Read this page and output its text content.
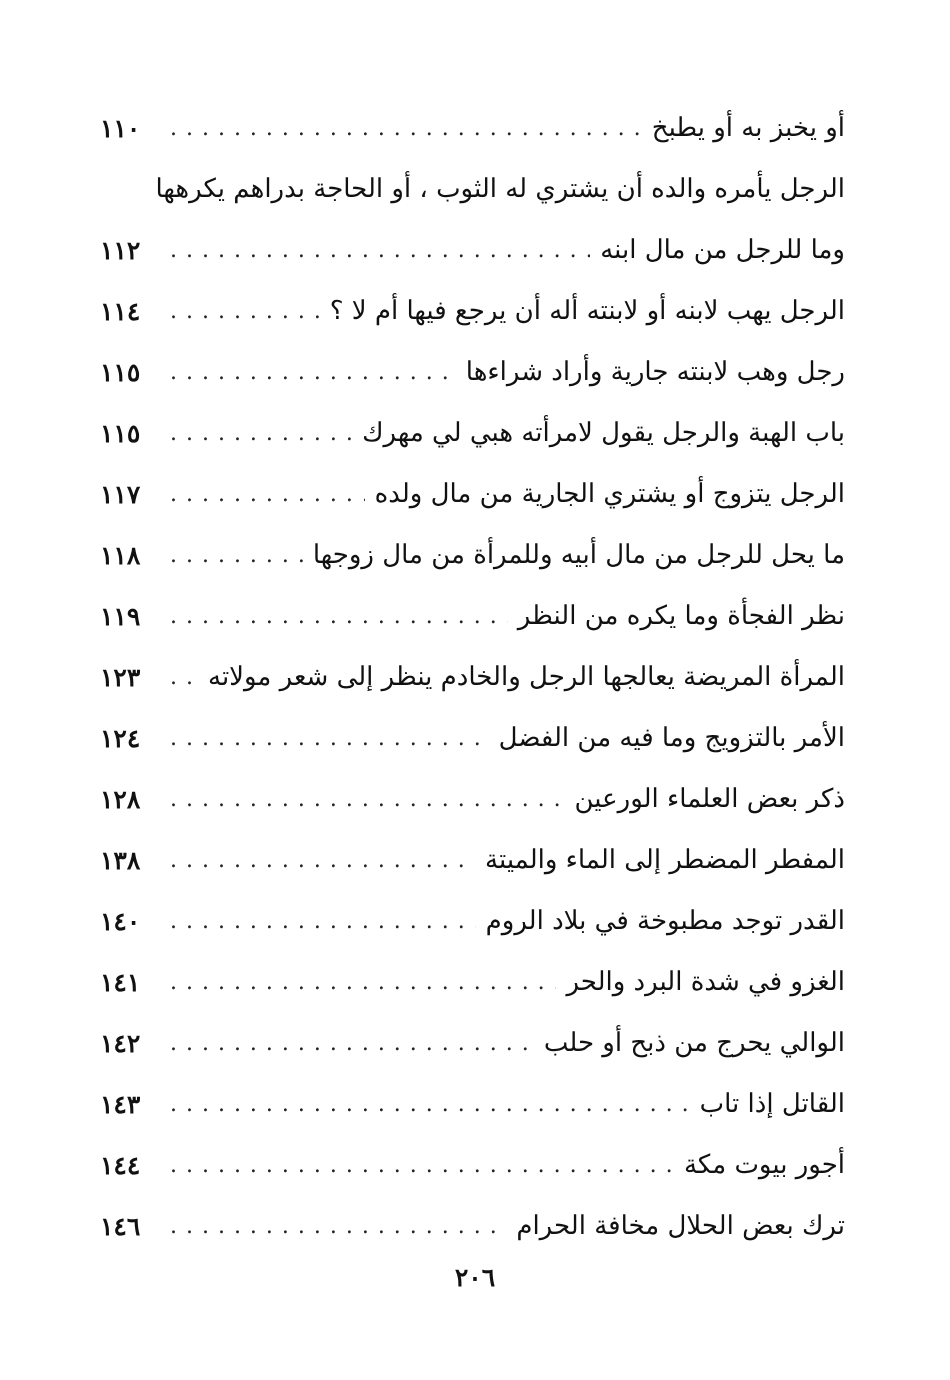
أو يخبز به أو يطبخ
. . .
١١٠
الرجل يأمره والده أن يشتري له الثوب ، أو الحاجة بدراهم يكرهها
وما للرجل من مال ابنه
. . .
١١٢
الرجل يهب لابنه أو لابنته أله أن يرجع فيها أم لا ؟
. . .
١١٤
رجل وهب لابنته جارية وأراد شراءها
. . .
١١٥
باب الهبة والرجل يقول لامرأته هبي لي مهرك
. . .
١١٥
الرجل يتزوج أو يشتري الجارية من مال ولده
. . .
١١٧
ما يحل للرجل من مال أبيه وللمرأة من مال زوجها
. . .
١١٨
نظر الفجأة وما يكره من النظر
. . .
١١٩
المرأة المريضة يعالجها الرجل والخادم ينظر إلى شعر مولاته
. . .
١٢٣
الأمر بالتزويج وما فيه من الفضل
. . .
١٢٤
ذكر بعض العلماء الورعين
. . .
١٢٨
المفطر المضطر إلى الماء والميتة
. . .
١٣٨
القدر توجد مطبوخة في بلاد الروم
. . .
١٤٠
الغزو في شدة البرد والحر
. . .
١٤١
الوالي يحرج من ذبح أو حلب
. . .
١٤٢
القاتل إذا تاب
. . .
١٤٣
أجور بيوت مكة
. . .
١٤٤
ترك بعض الحلال مخافة الحرام
. . .
١٤٦
٢٠٦
